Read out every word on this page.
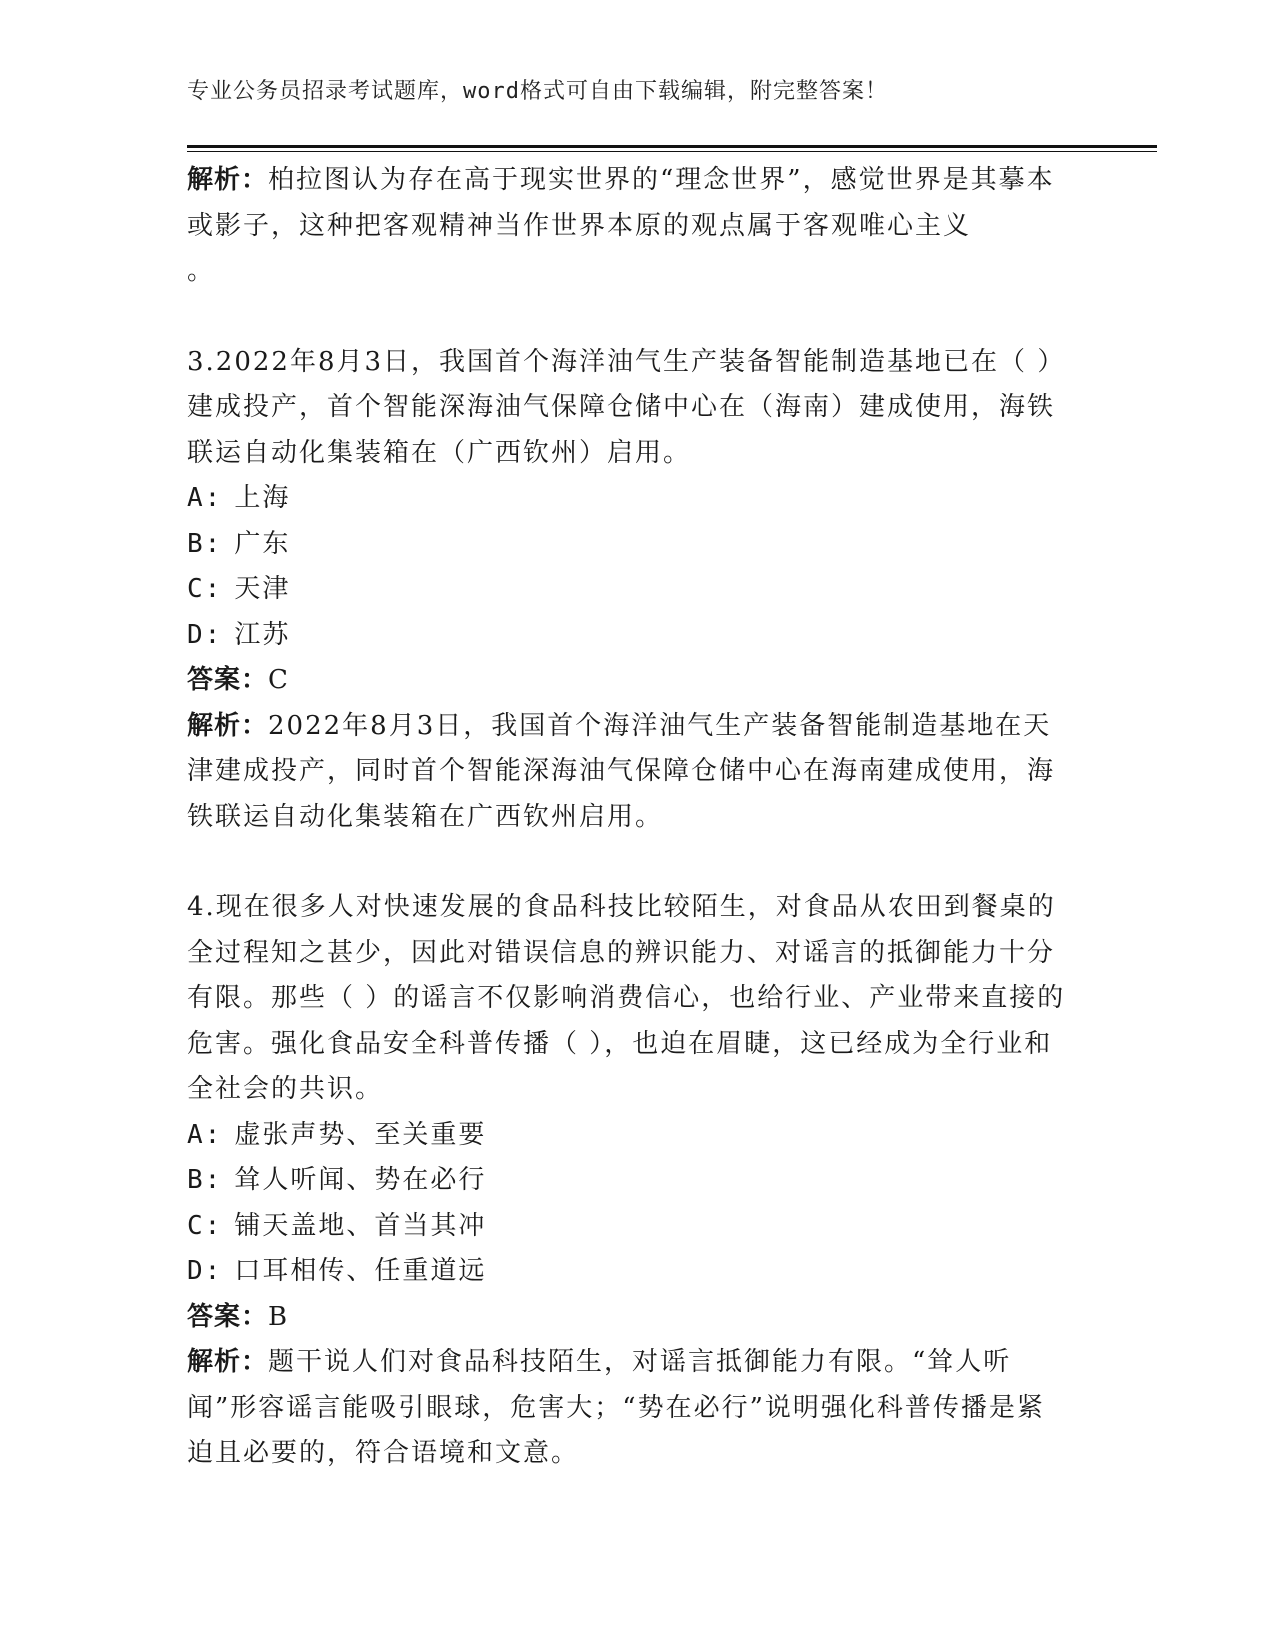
专业公务员招录考试题库，word格式可自由下载编辑，附完整答案！

解析：柏拉图认为存在高于现实世界的“理念世界”，感觉世界是其摹本或影子，这种把客观精神当作世界本原的观点属于客观唯心主义
。

3.2022年8月3日，我国首个海洋油气生产装备智能制造基地已在（ ）建成投产，首个智能深海油气保障仓储中心在（海南）建成使用，海铁联运自动化集装箱在（广西钦州）启用。

A: 上海

B: 广东

C: 天津

D: 江苏

答案：C

解析：2022年8月3日，我国首个海洋油气生产装备智能制造基地在天津建成投产，同时首个智能深海油气保障仓储中心在海南建成使用，海铁联运自动化集装箱在广西钦州启用。

4.现在很多人对快速发展的食品科技比较陌生，对食品从农田到餐桌的全过程知之甚少，因此对错误信息的辨识能力、对谣言的抵御能力十分有限。那些（ ）的谣言不仅影响消费信心，也给行业、产业带来直接的危害。强化食品安全科普传播（ ），也迫在眉睫，这已经成为全行业和全社会的共识。

A: 虚张声势、至关重要

B: 耸人听闻、势在必行

C: 铺天盖地、首当其冲

D: 口耳相传、任重道远

答案：B

解析：题干说人们对食品科技陌生，对谣言抵御能力有限。“耸人听闻”形容谣言能吸引眼球，危害大；“势在必行”说明强化科普传播是紧迫且必要的，符合语境和文意。
